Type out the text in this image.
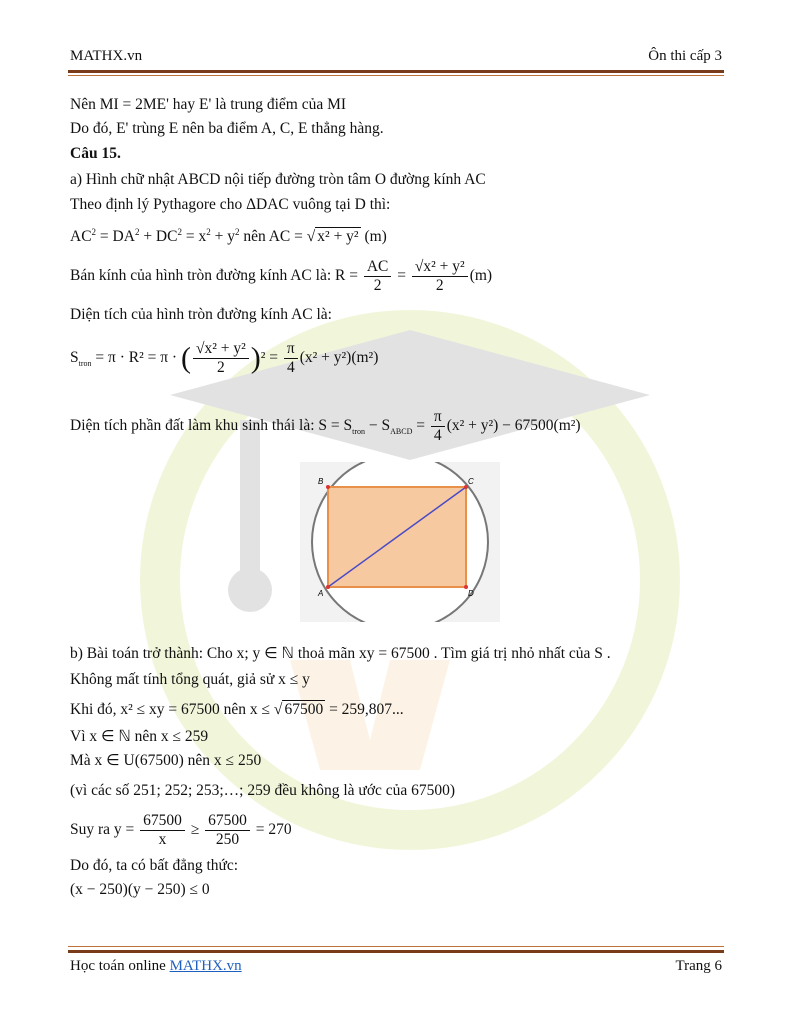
MATHX.vn	Ôn thi cấp 3
Nên MI = 2ME' hay E' là trung điểm của MI
Do đó, E' trùng E nên ba điểm A, C, E thẳng hàng.
Câu 15.
a) Hình chữ nhật ABCD nội tiếp đường tròn tâm O đường kính AC
Theo định lý Pythagore cho ΔDAC vuông tại D thì:
$AC^2 = DA^2 + DC^2 = x^2 + y^2$ nên AC = √ x² + y² (m)
Bán kính của hình tròn đường kính AC là: $R = \frac{AC}{2} = \frac{\text{√x² + y²}}{2} (m)$
Diện tích của hình tròn đường kính AC là:
$S_{tron} = \pi \cdot R^2 = \pi$ · ( $\frac{\text{√x² + y²}}{2} )^2 = \frac{\pi}{4} (x^2 + y^2)(m^2)$
Diện tích phần đất làm khu sinh thái là: $S = S_{tron} - S_{ABCD} = \frac{\pi}{4} (x^2 + y^2) - 67500(m^2)$
B	C
A	D
b) Bài toán trở thành: Cho x; y ∈ ℕ thoả mãn xy = 67500 . Tìm giá trị nhỏ nhất của S .
Không mất tính tổng quát, giả sử x ≤ y
Khi đó, x² ≤ xy = 67500 nên x ≤ √ 67500 = 259,807...
Vì x ∈ ℕ nên x ≤ 259
Mà x ∈ U(67500) nên x ≤ 250
(vì các số 251; 252; 253;…; 259 đều không là ước của 67500)
Suy ra $y = \frac{67500}{x} \ge \frac{67500}{250} = 270$
Do đó, ta có bất đẳng thức:
(x − 250)(y − 250) ≤ 0
Học toán online MATHX.vn	Trang 6
